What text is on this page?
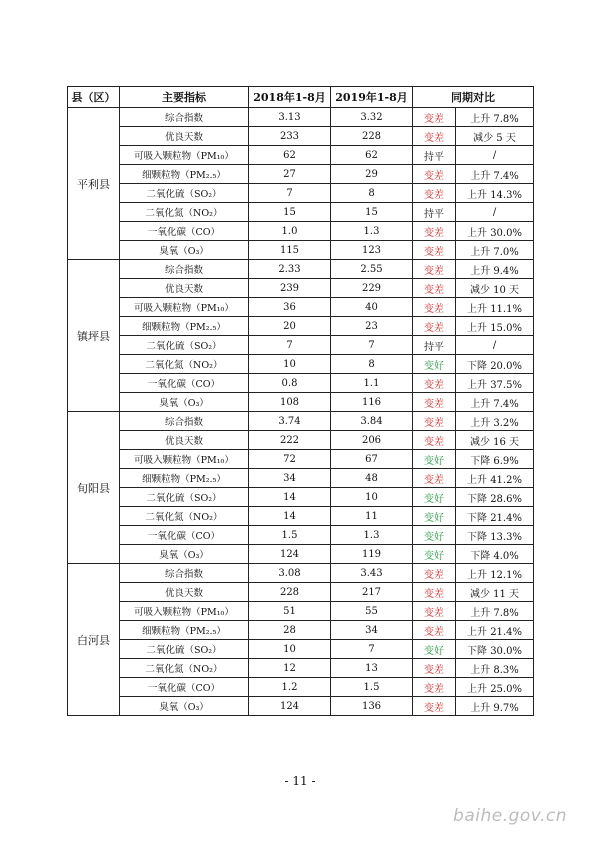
县（区）	主要指标	2018年1-8月	2019年1-8月	同期对比	
平利县	综合指数	3.13	3.32	变差	上升 7.8%
	优良天数	233	228	变差	减少 5 天
	可吸入颗粒物（PM₁₀）	62	62	持平	/
	细颗粒物（PM₂.₅）	27	29	变差	上升 7.4%
	二氧化硫（SO₂）	7	8	变差	上升 14.3%
	二氧化氮（NO₂）	15	15	持平	/
	一氧化碳（CO）	1.0	1.3	变差	上升 30.0%
	臭氧（O₃）	115	123	变差	上升 7.0%
镇坪县	综合指数	2.33	2.55	变差	上升 9.4%
	优良天数	239	229	变差	减少 10 天
	可吸入颗粒物（PM₁₀）	36	40	变差	上升 11.1%
	细颗粒物（PM₂.₅）	20	23	变差	上升 15.0%
	二氧化硫（SO₂）	7	7	持平	/
	二氧化氮（NO₂）	10	8	变好	下降 20.0%
	一氧化碳（CO）	0.8	1.1	变差	上升 37.5%
	臭氧（O₃）	108	116	变差	上升 7.4%
旬阳县	综合指数	3.74	3.84	变差	上升 3.2%
	优良天数	222	206	变差	减少 16 天
	可吸入颗粒物（PM₁₀）	72	67	变好	下降 6.9%
	细颗粒物（PM₂.₅）	34	48	变差	上升 41.2%
	二氧化硫（SO₂）	14	10	变好	下降 28.6%
	二氧化氮（NO₂）	14	11	变好	下降 21.4%
	一氧化碳（CO）	1.5	1.3	变好	下降 13.3%
	臭氧（O₃）	124	119	变好	下降 4.0%
白河县	综合指数	3.08	3.43	变差	上升 12.1%
	优良天数	228	217	变差	减少 11 天
	可吸入颗粒物（PM₁₀）	51	55	变差	上升 7.8%
	细颗粒物（PM₂.₅）	28	34	变差	上升 21.4%
	二氧化硫（SO₂）	10	7	变好	下降 30.0%
	二氧化氮（NO₂）	12	13	变差	上升 8.3%
	一氧化碳（CO）	1.2	1.5	变差	上升 25.0%
	臭氧（O₃）	124	136	变差	上升 9.7%
- 11 -
baihe.gov.cn
